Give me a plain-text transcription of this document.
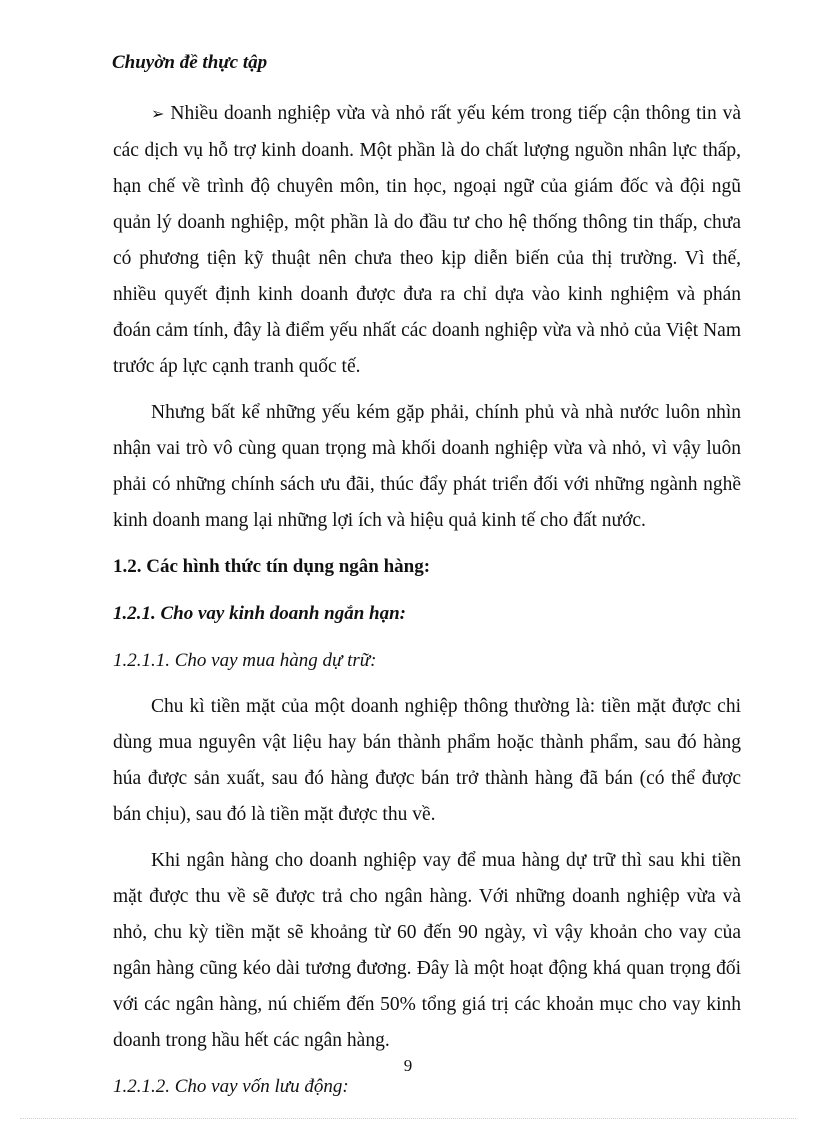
Chuyờn đề thực tập

➢ Nhiều doanh nghiệp vừa và nhỏ rất yếu kém trong tiếp cận thông tin và các dịch vụ hỗ trợ kinh doanh. Một phần là do chất lượng nguồn nhân lực thấp, hạn chế về trình độ chuyên môn, tin học, ngoại ngữ của giám đốc và đội ngũ quản lý doanh nghiệp, một phần là do đầu tư cho hệ thống thông tin thấp, chưa có phương tiện kỹ thuật nên chưa theo kịp diễn biến của thị trường. Vì thế, nhiều quyết định kinh doanh được đưa ra chỉ dựa vào kinh nghiệm và phán đoán cảm tính, đây là điểm yếu nhất các doanh nghiệp vừa và nhỏ của Việt Nam trước áp lực cạnh tranh quốc tế.

Nhưng bất kể những yếu kém gặp phải, chính phủ và nhà nước luôn nhìn nhận vai trò vô cùng quan trọng mà khối doanh nghiệp vừa và nhỏ, vì vậy luôn phải có những chính sách ưu đãi, thúc đẩy phát triển đối với những ngành nghề kinh doanh mang lại những lợi ích và hiệu quả kinh tế cho đất nước.

1.2. Các hình thức tín dụng ngân hàng:
1.2.1. Cho vay kinh doanh ngắn hạn:
1.2.1.1. Cho vay mua hàng dự trữ:

Chu kì tiền mặt của một doanh nghiệp thông thường là: tiền mặt được chi dùng mua nguyên vật liệu hay bán thành phẩm hoặc thành phẩm, sau đó hàng húa được sản xuất, sau đó hàng được bán trở thành hàng đã bán (có thể được bán chịu), sau đó là tiền mặt được thu về.

Khi ngân hàng cho doanh nghiệp vay để mua hàng dự trữ thì sau khi tiền mặt được thu về sẽ được trả cho ngân hàng. Với những doanh nghiệp vừa và nhỏ, chu kỳ tiền mặt sẽ khoảng từ 60 đến 90 ngày, vì vậy khoản cho vay của ngân hàng cũng kéo dài tương đương. Đây là một hoạt động khá quan trọng đối với các ngân hàng, nú chiếm đến 50% tổng giá trị các khoản mục cho vay kinh doanh trong hầu hết các ngân hàng.

1.2.1.2. Cho vay vốn lưu động:
9
